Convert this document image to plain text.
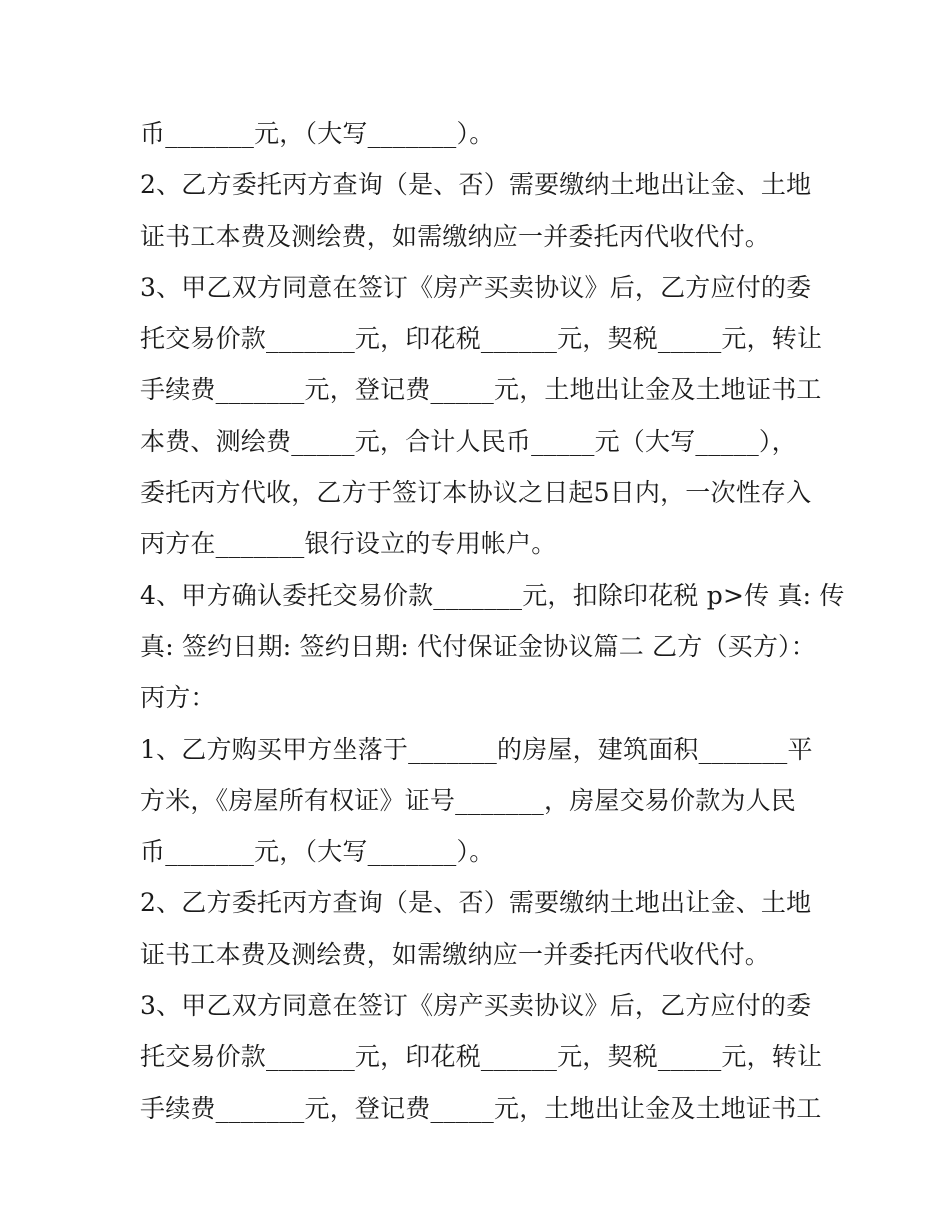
币_______元，（大写_______）。
2、乙方委托丙方查询（是、否）需要缴纳土地出让金、土地
证书工本费及测绘费，如需缴纳应一并委托丙代收代付。
3、甲乙双方同意在签订《房产买卖协议》后，乙方应付的委
托交易价款_______元，印花税______元，契税_____元，转让
手续费_______元，登记费_____元，土地出让金及土地证书工
本费、测绘费_____元，合计人民币_____元（大写_____），
委托丙方代收，乙方于签订本协议之日起5日内，一次性存入
丙方在_______银行设立的专用帐户。
4、甲方确认委托交易价款_______元，扣除印花税 p>传 真: 传
真: 签约日期: 签约日期: 代付保证金协议篇二 乙方（买方）：
丙方：
1、乙方购买甲方坐落于_______的房屋，建筑面积_______平
方米，《房屋所有权证》证号_______，房屋交易价款为人民
币_______元，（大写_______）。
2、乙方委托丙方查询（是、否）需要缴纳土地出让金、土地
证书工本费及测绘费，如需缴纳应一并委托丙代收代付。
3、甲乙双方同意在签订《房产买卖协议》后，乙方应付的委
托交易价款_______元，印花税______元，契税_____元，转让
手续费_______元，登记费_____元，土地出让金及土地证书工
